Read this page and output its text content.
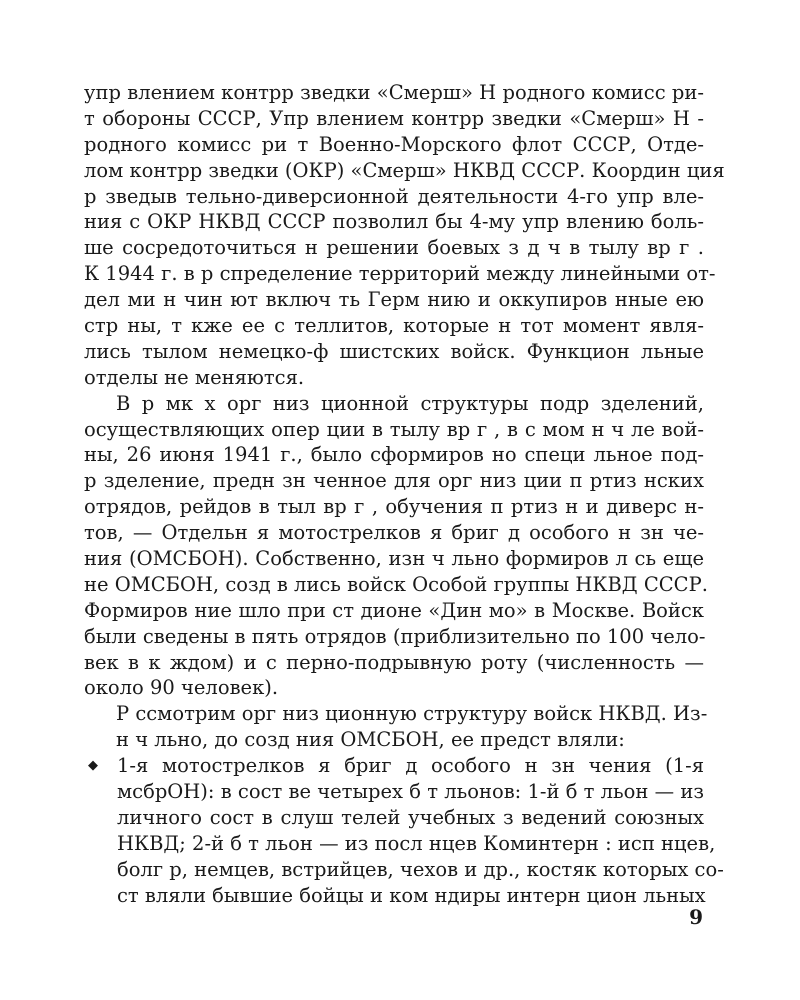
упр влением контрр зведки «Смерш» Н родного комисс ри-
т обороны СССР, Упр влением контрр зведки «Смерш» Н -
родного комисс ри т Военно-Морского флот СССР, Отде-
лом контрр зведки (ОКР) «Смерш» НКВД СССР. Координ ция
р зведыв тельно-диверсионной деятельности 4-го упр вле-
ния с ОКР НКВД СССР позволил бы 4-му упр влению боль-
ше сосредоточиться н решении боевых з д ч в тылу вр г .
К 1944 г. в р спределение территорий между линейными от-
дел ми н чин ют включ ть Герм нию и оккупиров нные ею
стр ны, т кже ее с теллитов, которые н тот момент явля-
лись тылом немецко-ф шистских войск. Функцион льные
отделы не меняются.
В р мк х орг низ ционной структуры подр зделений,
осуществляющих опер ции в тылу вр г , в с мом н ч ле вой-
ны, 26 июня 1941 г., было сформиров но специ льное под-
р зделение, предн зн ченное для орг низ ции п ртиз нских
отрядов, рейдов в тыл вр г , обучения п ртиз н и диверс н-
тов, — Отдельн я мотострелков я бриг д особого н зн че-
ния (ОМСБОН). Собственно, изн ч льно формиров л сь еще
не ОМСБОН, созд в лись войск Особой группы НКВД СССР.
Формиров ние шло при ст дионе «Дин мо» в Москве. Войск
были сведены в пять отрядов (приблизительно по 100 чело-
век в к ждом) и с перно-подрывную роту (численность —
около 90 человек).
Р ссмотрим орг низ ционную структуру войск НКВД. Из-
н ч льно, до созд ния ОМСБОН, ее предст вляли:
◆ 1-я мотострелков я бриг д особого н зн чения (1-я
мсбрОН): в сост ве четырех б т льонов: 1-й б т льон — из
личного сост в слуш телей учебных з ведений союзных
НКВД; 2-й б т льон — из посл нцев Коминтерн : исп нцев,
болг р, немцев, встрийцев, чехов и др., костяк которых со-
ст вляли бывшие бойцы и ком ндиры интерн цион льных
9
